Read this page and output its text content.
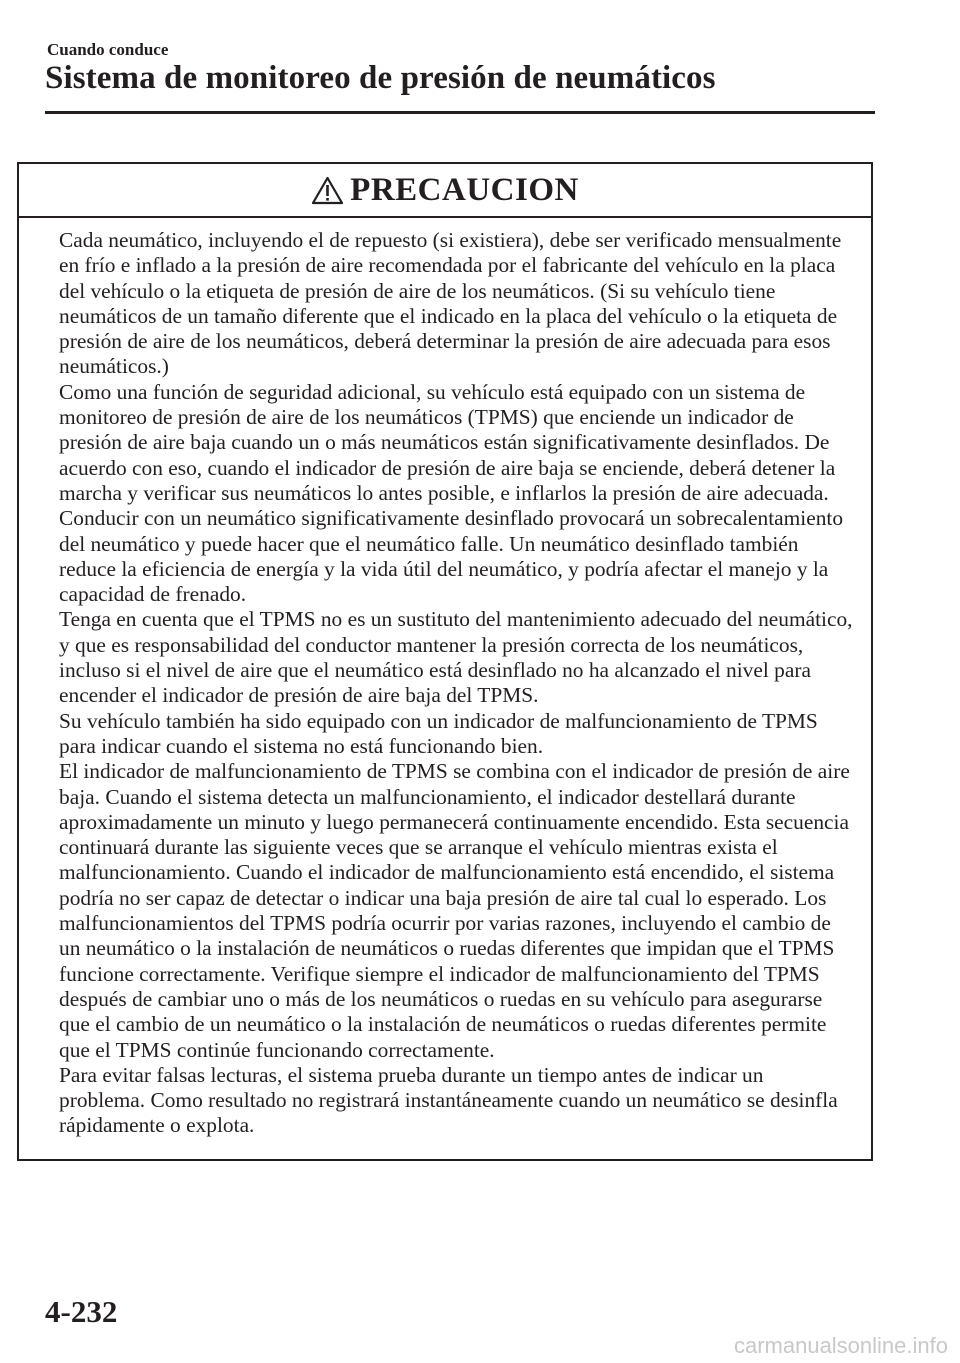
Cuando conduce

Sistema de monitoreo de presión de neumáticos
PRECAUCION

Cada neumático, incluyendo el de repuesto (si existiera), debe ser verificado mensualmente en frío e inflado a la presión de aire recomendada por el fabricante del vehículo en la placa del vehículo o la etiqueta de presión de aire de los neumáticos. (Si su vehículo tiene neumáticos de un tamaño diferente que el indicado en la placa del vehículo o la etiqueta de presión de aire de los neumáticos, deberá determinar la presión de aire adecuada para esos neumáticos.)

Como una función de seguridad adicional, su vehículo está equipado con un sistema de monitoreo de presión de aire de los neumáticos (TPMS) que enciende un indicador de presión de aire baja cuando un o más neumáticos están significativamente desinflados. De acuerdo con eso, cuando el indicador de presión de aire baja se enciende, deberá detener la marcha y verificar sus neumáticos lo antes posible, e inflarlos la presión de aire adecuada. Conducir con un neumático significativamente desinflado provocará un sobrecalentamiento del neumático y puede hacer que el neumático falle. Un neumático desinflado también reduce la eficiencia de energía y la vida útil del neumático, y podría afectar el manejo y la capacidad de frenado.

Tenga en cuenta que el TPMS no es un sustituto del mantenimiento adecuado del neumático, y que es responsabilidad del conductor mantener la presión correcta de los neumáticos, incluso si el nivel de aire que el neumático está desinflado no ha alcanzado el nivel para encender el indicador de presión de aire baja del TPMS.

Su vehículo también ha sido equipado con un indicador de malfuncionamiento de TPMS para indicar cuando el sistema no está funcionando bien.

El indicador de malfuncionamiento de TPMS se combina con el indicador de presión de aire baja. Cuando el sistema detecta un malfuncionamiento, el indicador destellará durante aproximadamente un minuto y luego permanecerá continuamente encendido. Esta secuencia continuará durante las siguiente veces que se arranque el vehículo mientras exista el malfuncionamiento. Cuando el indicador de malfuncionamiento está encendido, el sistema podría no ser capaz de detectar o indicar una baja presión de aire tal cual lo esperado. Los malfuncionamientos del TPMS podría ocurrir por varias razones, incluyendo el cambio de un neumático o la instalación de neumáticos o ruedas diferentes que impidan que el TPMS funcione correctamente. Verifique siempre el indicador de malfuncionamiento del TPMS después de cambiar uno o más de los neumáticos o ruedas en su vehículo para asegurarse que el cambio de un neumático o la instalación de neumáticos o ruedas diferentes permite que el TPMS continúe funcionando correctamente.

Para evitar falsas lecturas, el sistema prueba durante un tiempo antes de indicar un problema. Como resultado no registrará instantáneamente cuando un neumático se desinfla rápidamente o explota.

4-232

carmanualsonline.info
